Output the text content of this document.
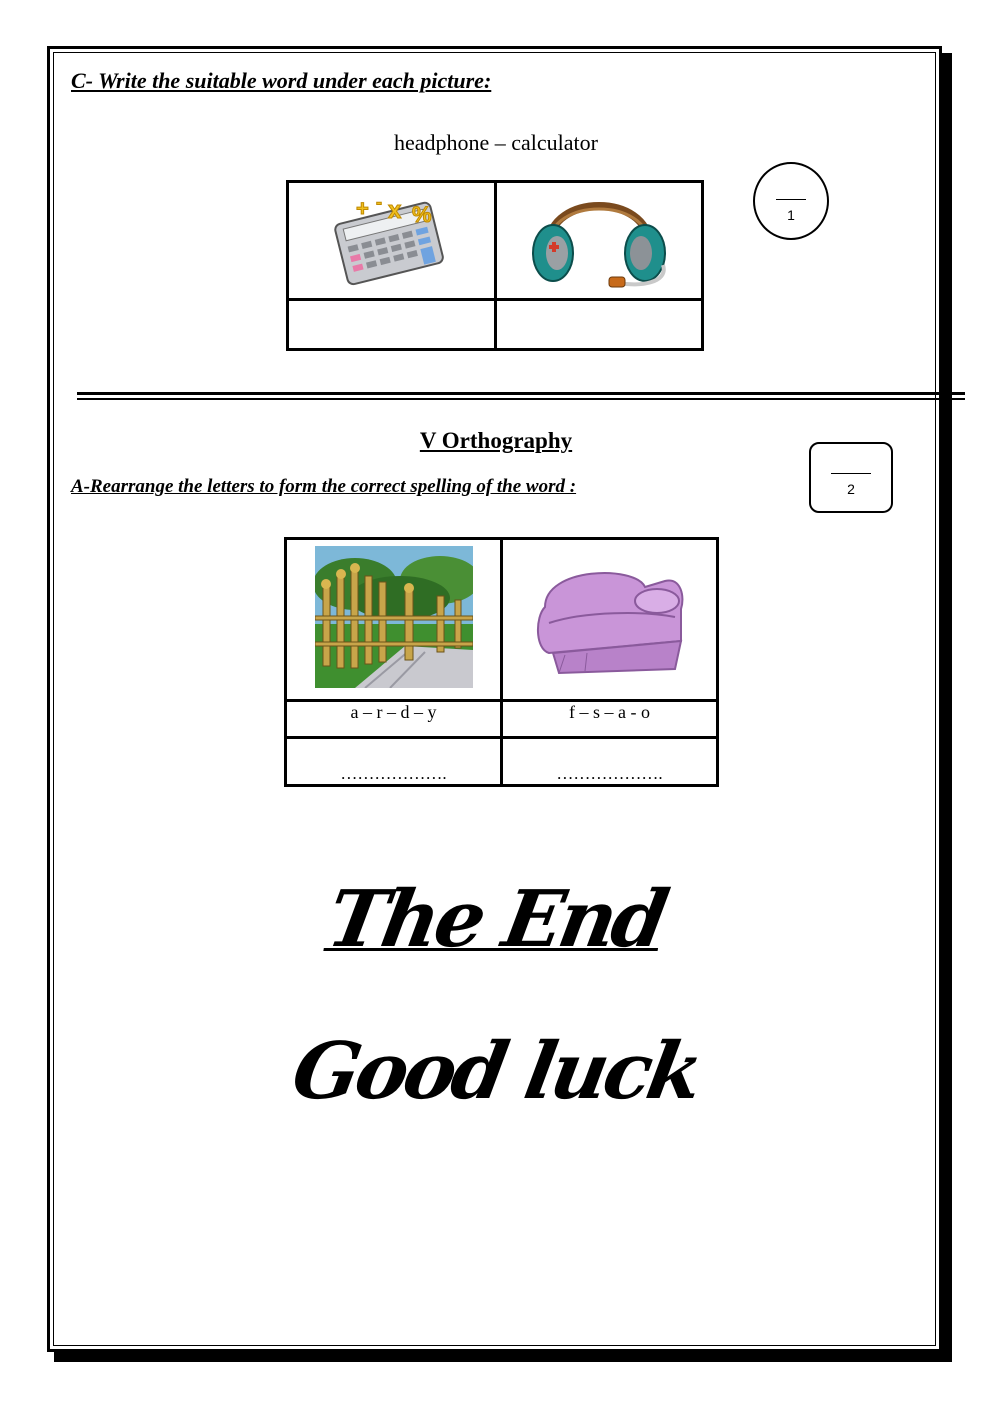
C- Write the suitable word under each picture:
headphone – calculator
+ - x %

		1
V Orthography
A-Rearrange the letters to form the correct spelling of the word :	2

a – r – d – y	f – s – a - o
……………….	……………….
The End
Good luck
